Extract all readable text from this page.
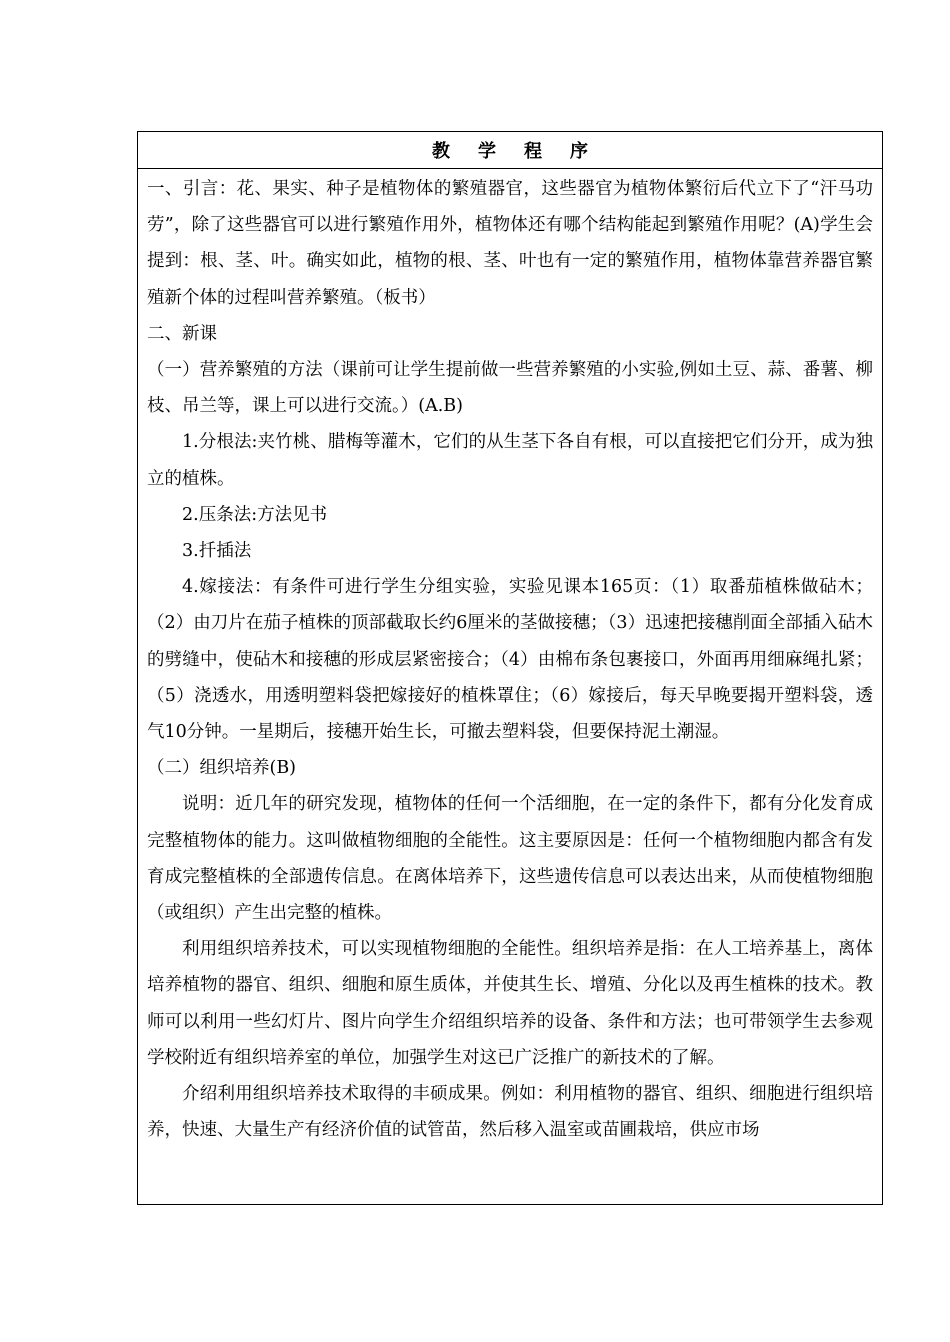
教学程序

一、引言：花、果实、种子是植物体的繁殖器官，这些器官为植物体繁衍后代立下了“汗马功劳”，除了这些器官可以进行繁殖作用外，植物体还有哪个结构能起到繁殖作用呢？(A)学生会提到：根、茎、叶。确实如此，植物的根、茎、叶也有一定的繁殖作用，植物体靠营养器官繁殖新个体的过程叫营养繁殖。（板书）

二、新课

（一）营养繁殖的方法（课前可让学生提前做一些营养繁殖的小实验,例如土豆、蒜、番薯、柳枝、吊兰等，课上可以进行交流。）(A.B)

1.分根法:夹竹桃、腊梅等灌木，它们的从生茎下各自有根，可以直接把它们分开，成为独立的植株。

2.压条法:方法见书

3.扦插法

4.嫁接法：有条件可进行学生分组实验，实验见课本165页：（1）取番茄植株做砧木；（2）由刀片在茄子植株的顶部截取长约6厘米的茎做接穗；（3）迅速把接穗削面全部插入砧木的劈缝中，使砧木和接穗的形成层紧密接合；（4）由棉布条包裹接口，外面再用细麻绳扎紧；（5）浇透水，用透明塑料袋把嫁接好的植株罩住；（6）嫁接后，每天早晚要揭开塑料袋，透气10分钟。一星期后，接穗开始生长，可撤去塑料袋，但要保持泥土潮湿。

（二）组织培养(B)

说明：近几年的研究发现，植物体的任何一个活细胞，在一定的条件下，都有分化发育成完整植物体的能力。这叫做植物细胞的全能性。这主要原因是：任何一个植物细胞内都含有发育成完整植株的全部遗传信息。在离体培养下，这些遗传信息可以表达出来，从而使植物细胞（或组织）产生出完整的植株。

利用组织培养技术，可以实现植物细胞的全能性。组织培养是指：在人工培养基上，离体培养植物的器官、组织、细胞和原生质体，并使其生长、增殖、分化以及再生植株的技术。教师可以利用一些幻灯片、图片向学生介绍组织培养的设备、条件和方法；也可带领学生去参观学校附近有组织培养室的单位，加强学生对这已广泛推广的新技术的了解。

介绍利用组织培养技术取得的丰硕成果。例如：利用植物的器官、组织、细胞进行组织培养，快速、大量生产有经济价值的试管苗，然后移入温室或苗圃栽培，供应市场
